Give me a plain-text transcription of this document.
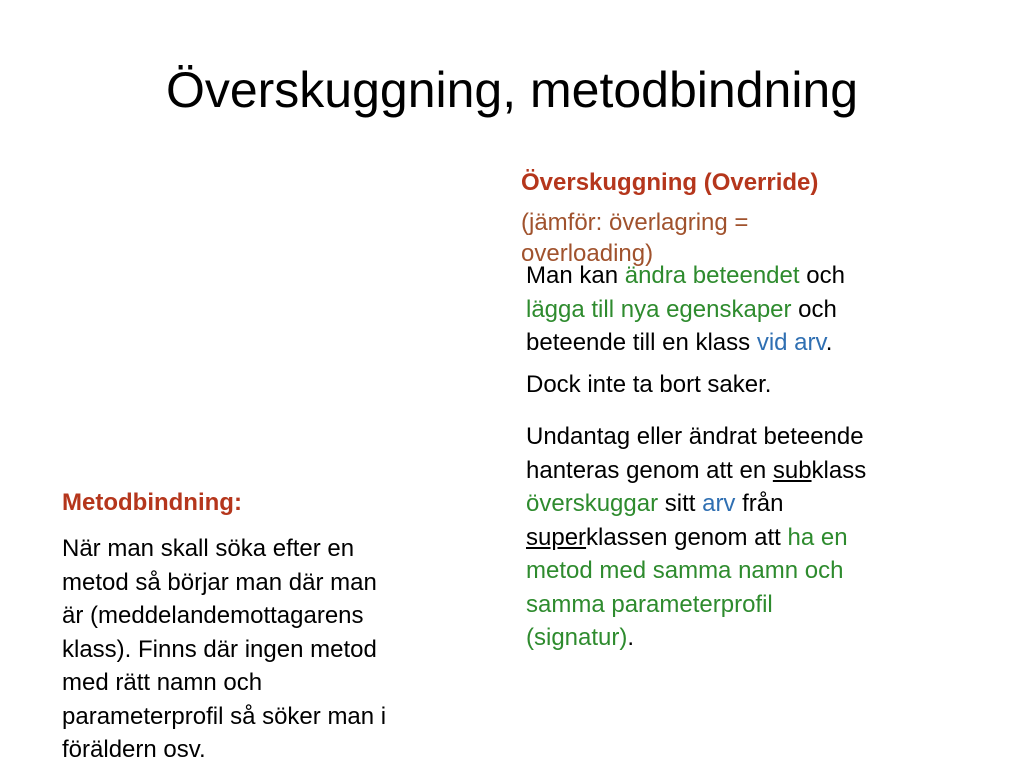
Överskuggning, metodbindning
Överskuggning (Override)
(jämför: överlagring =
overloading)
Man kan ändra beteendet och
lägga till nya egenskaper och
beteende till en klass vid arv.
Dock inte ta bort saker.
Undantag eller ändrat beteende
hanteras genom att en subklass
överskuggar sitt arv från
superklassen genom att ha en
metod med samma namn och
samma parameterprofil
(signatur).
Metodbindning:
När man skall söka efter en
metod så börjar man där man
är (meddelandemottagarens
klass). Finns där ingen metod
med rätt namn och
parameterprofil så söker man i
föräldern osv.
